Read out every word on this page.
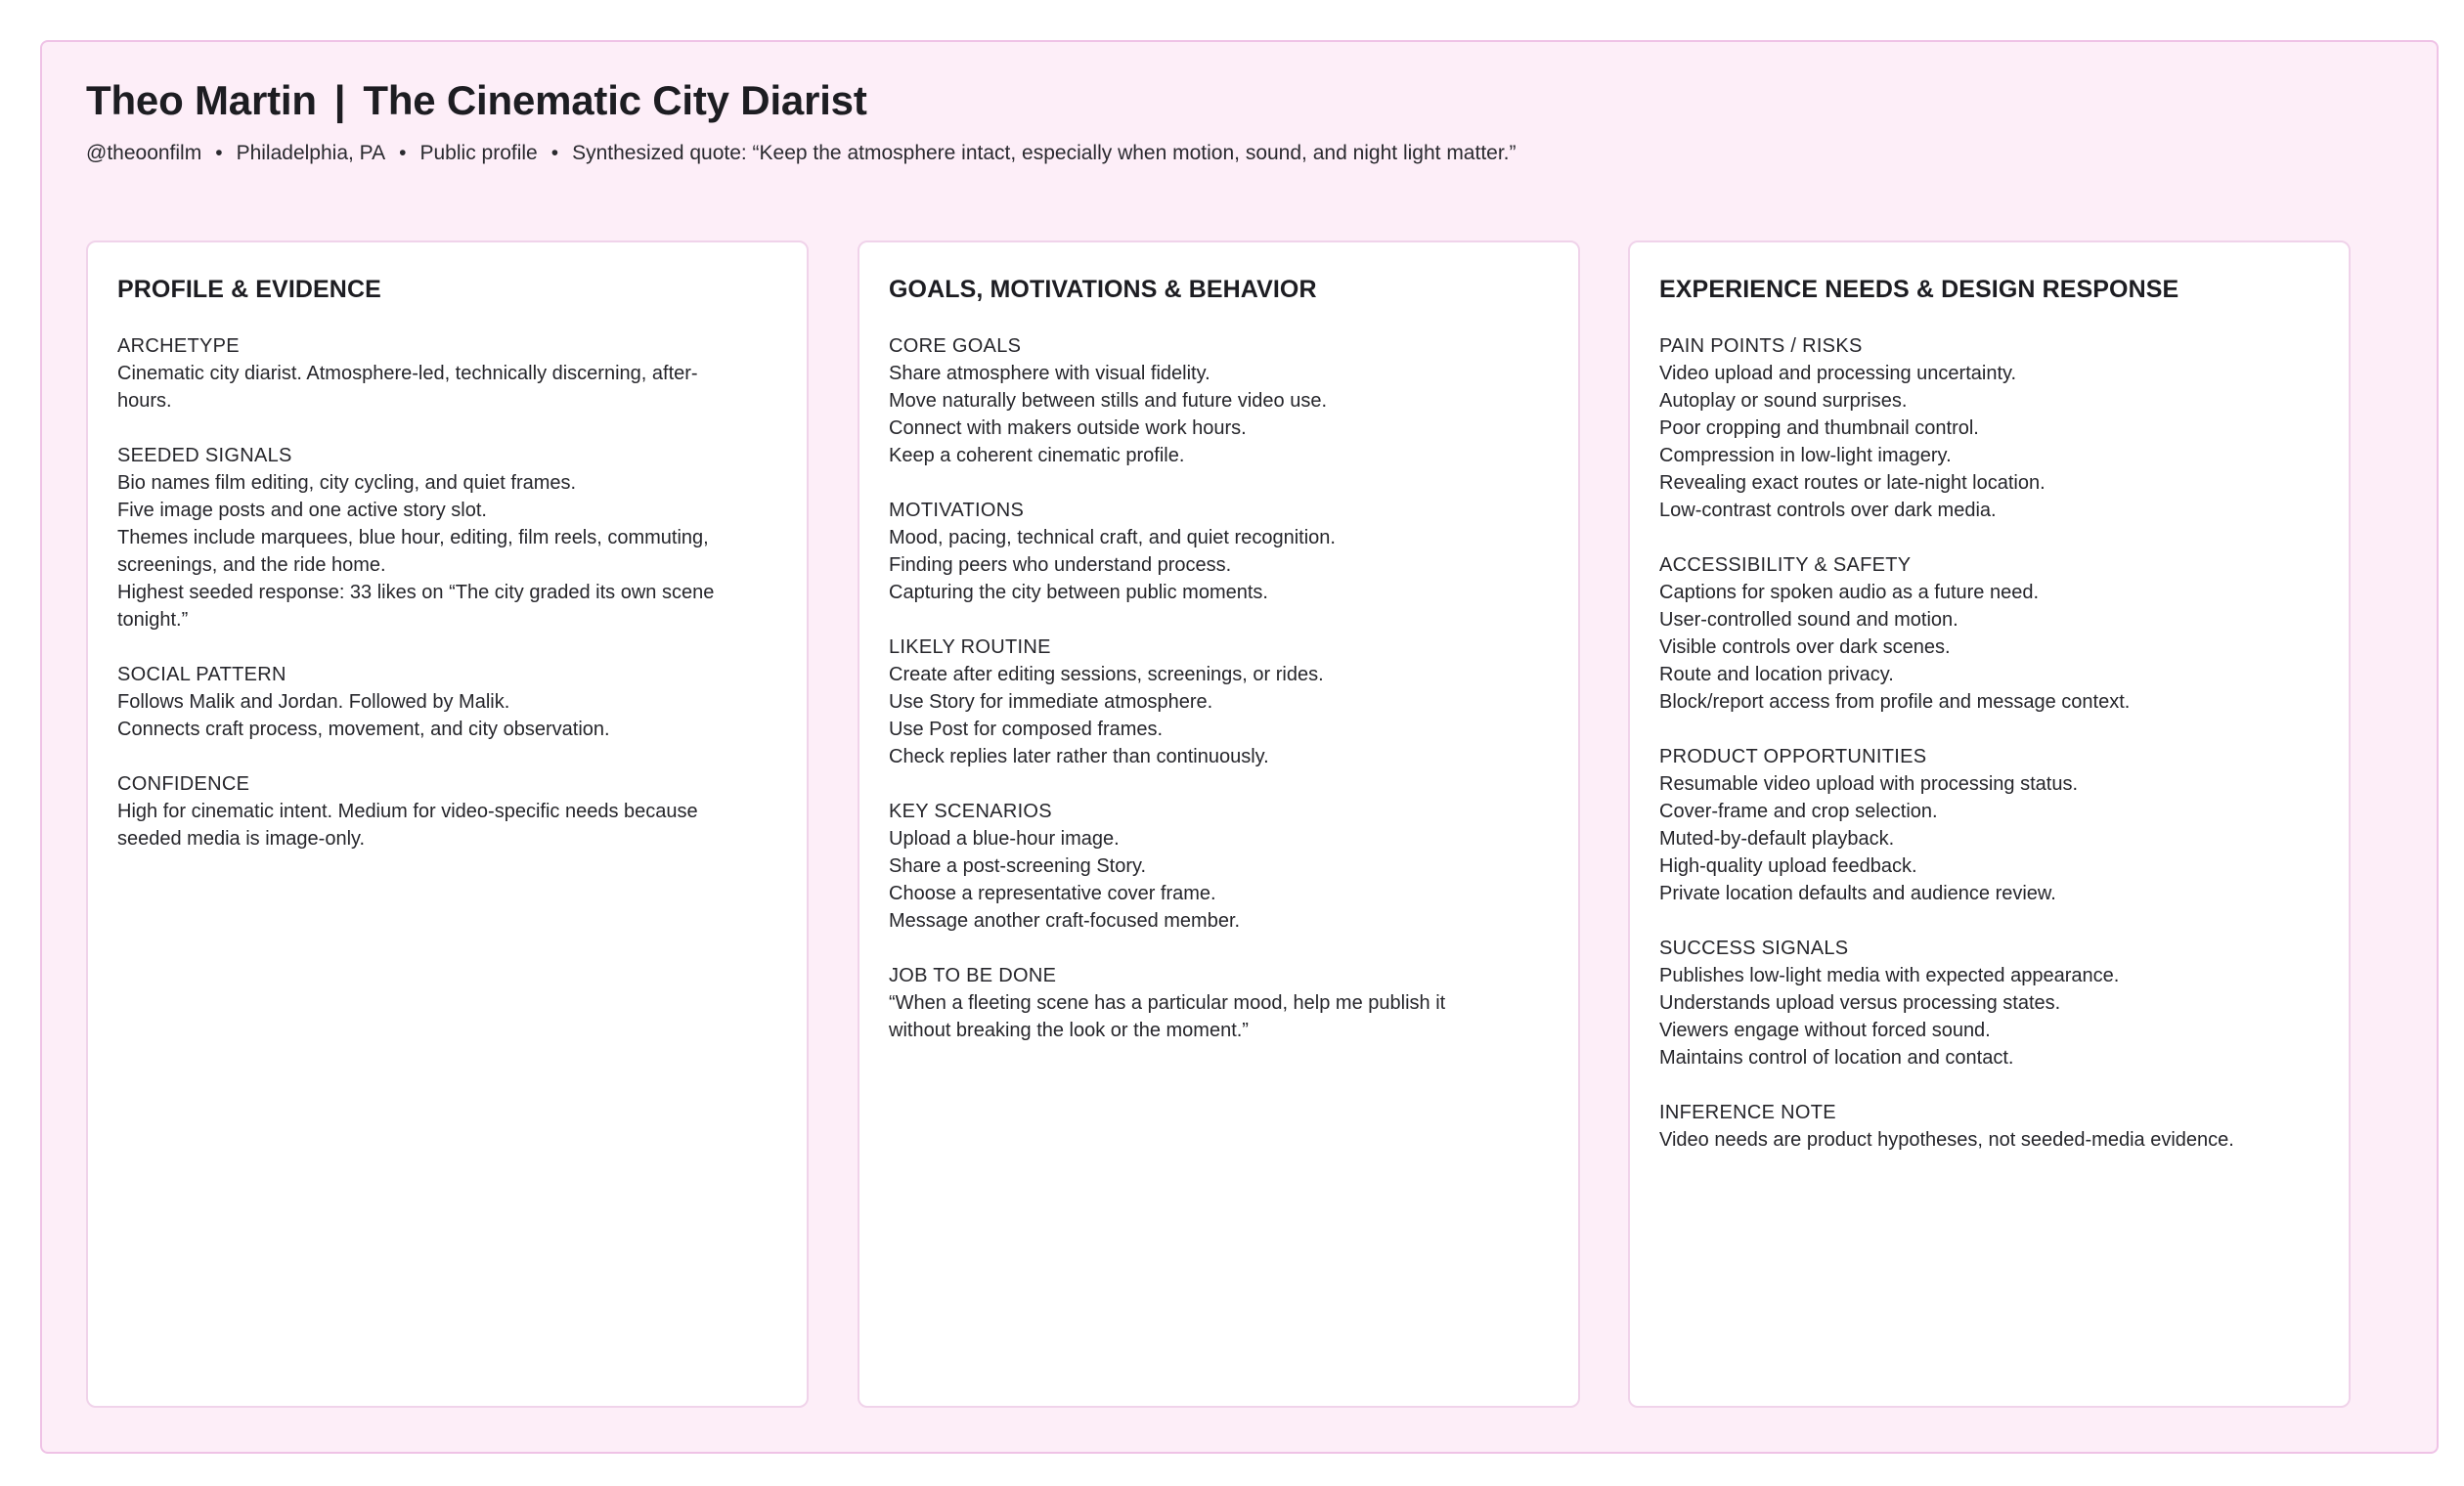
Theo Martin | The Cinematic City Diarist
@theoonfilm • Philadelphia, PA • Public profile • Synthesized quote: “Keep the atmosphere intact, especially when motion, sound, and night light matter.”
PROFILE & EVIDENCE
ARCHETYPE
Cinematic city diarist. Atmosphere-led, technically discerning, after-
hours.
SEEDED SIGNALS
Bio names film editing, city cycling, and quiet frames.
Five image posts and one active story slot.
Themes include marquees, blue hour, editing, film reels, commuting,
screenings, and the ride home.
Highest seeded response: 33 likes on “The city graded its own scene
tonight.”
SOCIAL PATTERN
Follows Malik and Jordan. Followed by Malik.
Connects craft process, movement, and city observation.
CONFIDENCE
High for cinematic intent. Medium for video-specific needs because
seeded media is image-only.
GOALS, MOTIVATIONS & BEHAVIOR
CORE GOALS
Share atmosphere with visual fidelity.
Move naturally between stills and future video use.
Connect with makers outside work hours.
Keep a coherent cinematic profile.
MOTIVATIONS
Mood, pacing, technical craft, and quiet recognition.
Finding peers who understand process.
Capturing the city between public moments.
LIKELY ROUTINE
Create after editing sessions, screenings, or rides.
Use Story for immediate atmosphere.
Use Post for composed frames.
Check replies later rather than continuously.
KEY SCENARIOS
Upload a blue-hour image.
Share a post-screening Story.
Choose a representative cover frame.
Message another craft-focused member.
JOB TO BE DONE
“When a fleeting scene has a particular mood, help me publish it
without breaking the look or the moment.”
EXPERIENCE NEEDS & DESIGN RESPONSE
PAIN POINTS / RISKS
Video upload and processing uncertainty.
Autoplay or sound surprises.
Poor cropping and thumbnail control.
Compression in low-light imagery.
Revealing exact routes or late-night location.
Low-contrast controls over dark media.
ACCESSIBILITY & SAFETY
Captions for spoken audio as a future need.
User-controlled sound and motion.
Visible controls over dark scenes.
Route and location privacy.
Block/report access from profile and message context.
PRODUCT OPPORTUNITIES
Resumable video upload with processing status.
Cover-frame and crop selection.
Muted-by-default playback.
High-quality upload feedback.
Private location defaults and audience review.
SUCCESS SIGNALS
Publishes low-light media with expected appearance.
Understands upload versus processing states.
Viewers engage without forced sound.
Maintains control of location and contact.
INFERENCE NOTE
Video needs are product hypotheses, not seeded-media evidence.
